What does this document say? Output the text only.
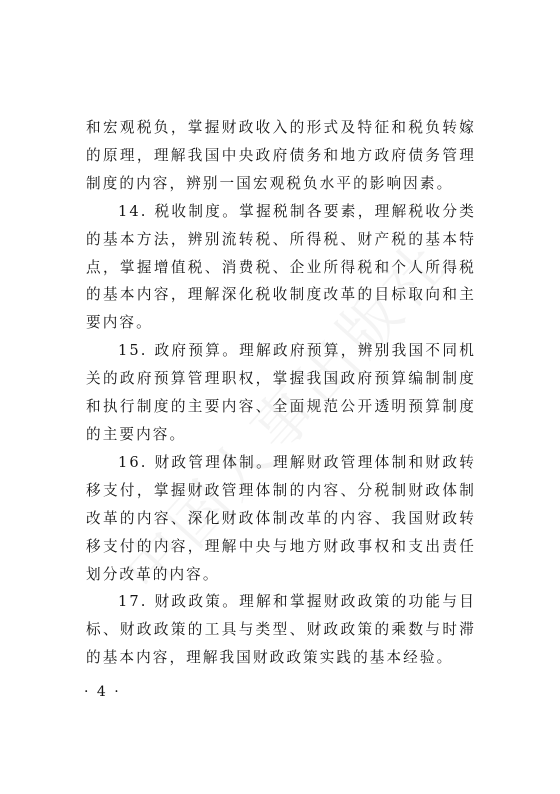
和宏观税负，掌握财政收入的形式及特征和税负转嫁的原理，理解我国中央政府债务和地方政府债务管理制度的内容，辨别一国宏观税负水平的影响因素。

14. 税收制度。掌握税制各要素，理解税收分类的基本方法，辨别流转税、所得税、财产税的基本特点，掌握增值税、消费税、企业所得税和个人所得税的基本内容，理解深化税收制度改革的目标取向和主要内容。

15. 政府预算。理解政府预算，辨别我国不同机关的政府预算管理职权，掌握我国政府预算编制制度和执行制度的主要内容、全面规范公开透明预算制度的主要内容。

16. 财政管理体制。理解财政管理体制和财政转移支付，掌握财政管理体制的内容、分税制财政体制改革的内容、深化财政体制改革的内容、我国财政转移支付的内容，理解中央与地方财政事权和支出责任划分改革的内容。

17. 财政政策。理解和掌握财政政策的功能与目标、财政政策的工具与类型、财政政策的乘数与时滞的基本内容，理解我国财政政策实践的基本经验。

· 4 ·
